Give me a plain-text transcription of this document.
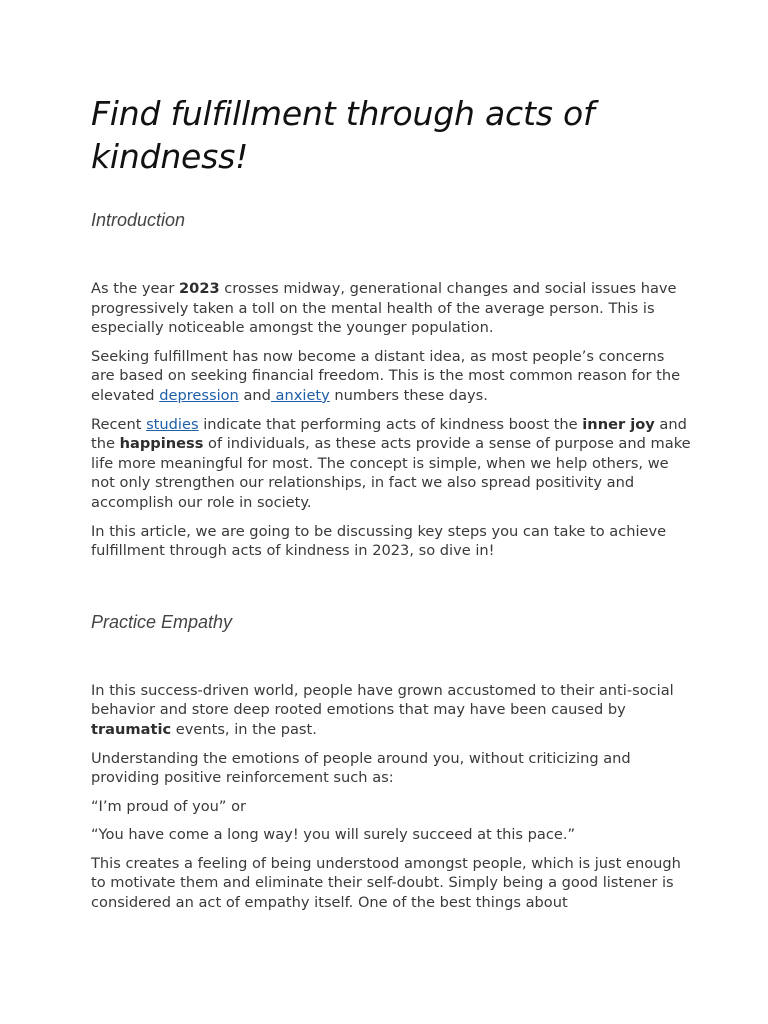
Find fulfillment through acts of kindness!
Introduction

As the year 2023 crosses midway, generational changes and social issues have progressively taken a toll on the mental health of the average person. This is especially noticeable amongst the younger population.

Seeking fulfillment has now become a distant idea, as most people’s concerns are based on seeking financial freedom. This is the most common reason for the elevated depression and anxiety numbers these days.

Recent studies indicate that performing acts of kindness boost the inner joy and the happiness of individuals, as these acts provide a sense of purpose and make life more meaningful for most. The concept is simple, when we help others, we not only strengthen our relationships, in fact we also spread positivity and accomplish our role in society.

In this article, we are going to be discussing key steps you can take to achieve fulfillment through acts of kindness in 2023, so dive in!

Practice Empathy

In this success-driven world, people have grown accustomed to their anti-social behavior and store deep rooted emotions that may have been caused by traumatic events, in the past.

Understanding the emotions of people around you, without criticizing and providing positive reinforcement such as:

“I’m proud of you” or

“You have come a long way! you will surely succeed at this pace.”

This creates a feeling of being understood amongst people, which is just enough to motivate them and eliminate their self-doubt. Simply being a good listener is considered an act of empathy itself. One of the best things about
